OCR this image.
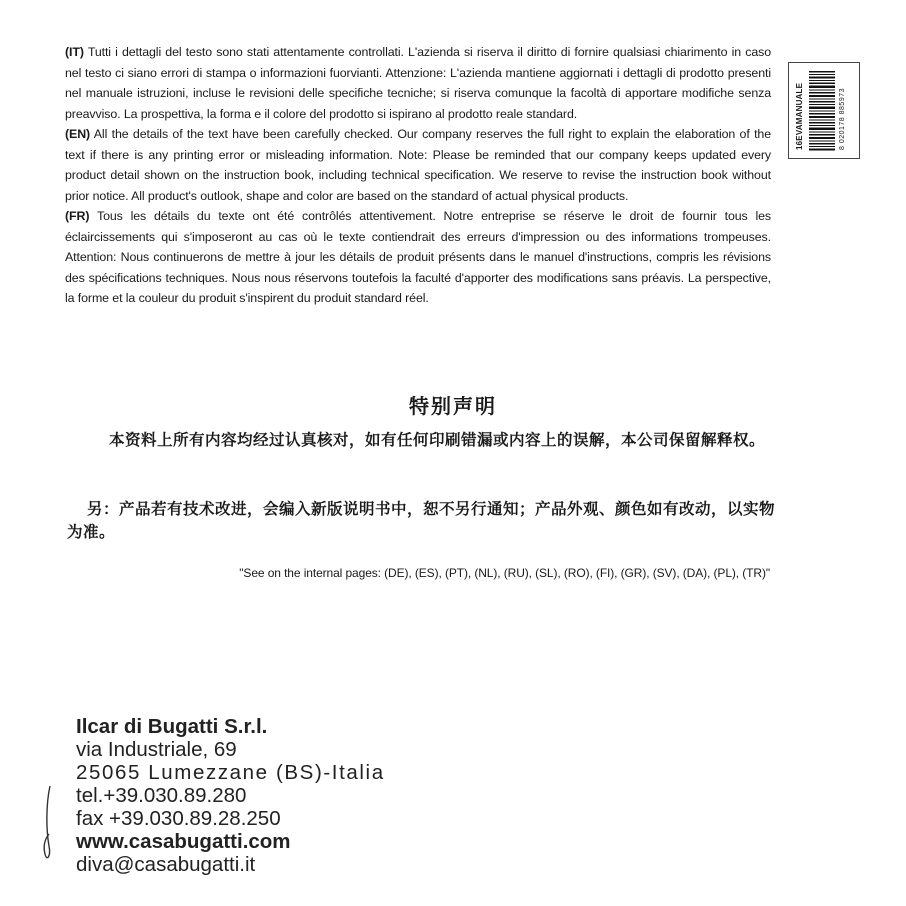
(IT) Tutti i dettagli del testo sono stati attentamente controllati. L'azienda si riserva il diritto di fornire qualsiasi chiarimento in caso nel testo ci siano errori di stampa o informazioni fuorvianti. Attenzione: L'azienda mantiene aggiornati i dettagli di prodotto presenti nel manuale istruzioni, incluse le revisioni delle specifiche tecniche; si riserva comunque la facoltà di apportare modifiche senza preavviso. La prospettiva, la forma e il colore del prodotto si ispirano al prodotto reale standard.

(EN) All the details of the text have been carefully checked. Our company reserves the full right to explain the elaboration of the text if there is any printing error or misleading information. Note: Please be reminded that our company keeps updated every product detail shown on the instruction book, including technical specification. We reserve to revise the instruction book without prior notice. All product's outlook, shape and color are based on the standard of actual physical products.

(FR) Tous les détails du texte ont été contrôlés attentivement. Notre entreprise se réserve le droit de fournir tous les éclaircissements qui s'imposeront au cas où le texte contiendrait des erreurs d'impression ou des informations trompeuses. Attention: Nous continuerons de mettre à jour les détails de produit présents dans le manuel d'instructions, compris les révisions des spécifications techniques. Nous nous réservons toutefois la faculté d'apporter des modifications sans préavis. La perspective, la forme et la couleur du produit s'inspirent du produit standard réel.

16EVAMANUALE	8 020178 885973
特别声明
本资料上所有内容均经过认真核对，如有任何印刷错漏或内容上的误解，本公司保留解释权。
另：产品若有技术改进，会编入新版说明书中，恕不另行通知；产品外观、颜色如有改动，以实物为准。
"See on the internal pages: (DE), (ES), (PT), (NL), (RU), (SL), (RO), (FI), (GR), (SV), (DA), (PL), (TR)"
Ilcar di Bugatti S.r.l.
via Industriale, 69
25065 Lumezzane (BS)-Italia
tel.+39.030.89.280
fax +39.030.89.28.250
www.casabugatti.com
diva@casabugatti.it
